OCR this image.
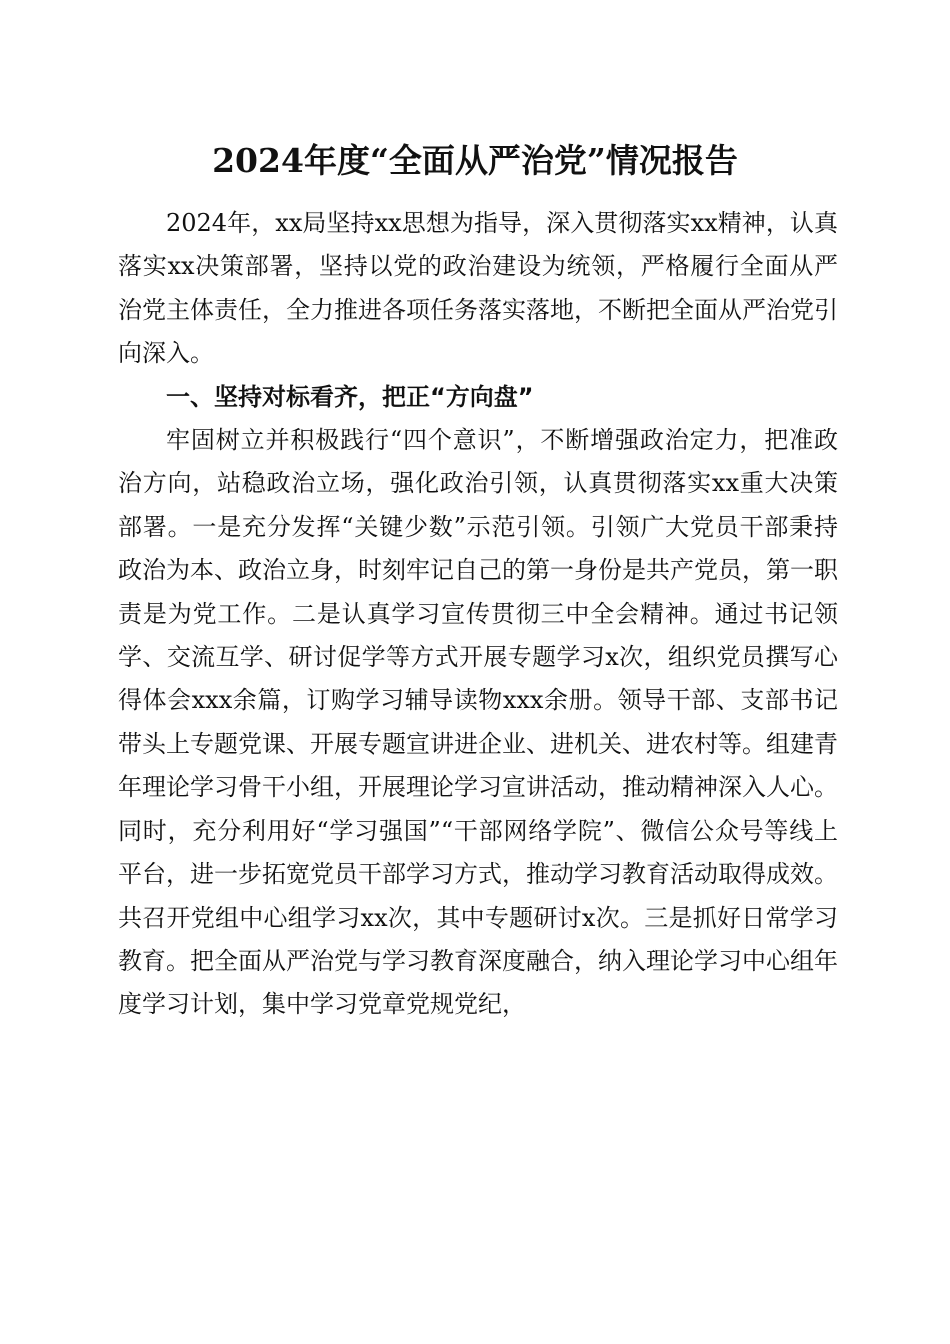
2024年度“全面从严治党”情况报告

2024年，xx局坚持xx思想为指导，深入贯彻落实xx精神，认真落实xx决策部署，坚持以党的政治建设为统领，严格履行全面从严治党主体责任，全力推进各项任务落实落地，不断把全面从严治党引向深入。

一、坚持对标看齐，把正“方向盘”

牢固树立并积极践行“四个意识”，不断增强政治定力，把准政治方向，站稳政治立场，强化政治引领，认真贯彻落实xx重大决策部署。一是充分发挥“关键少数”示范引领。引领广大党员干部秉持政治为本、政治立身，时刻牢记自己的第一身份是共产党员，第一职责是为党工作。二是认真学习宣传贯彻三中全会精神。通过书记领学、交流互学、研讨促学等方式开展专题学习x次，组织党员撰写心得体会xxx余篇，订购学习辅导读物xxx余册。领导干部、支部书记带头上专题党课、开展专题宣讲进企业、进机关、进农村等。组建青年理论学习骨干小组，开展理论学习宣讲活动，推动精神深入人心。同时，充分利用好“学习强国”“干部网络学院”、微信公众号等线上平台，进一步拓宽党员干部学习方式，推动学习教育活动取得成效。共召开党组中心组学习xx次，其中专题研讨x次。三是抓好日常学习教育。把全面从严治党与学习教育深度融合，纳入理论学习中心组年度学习计划，集中学习党章党规党纪，
